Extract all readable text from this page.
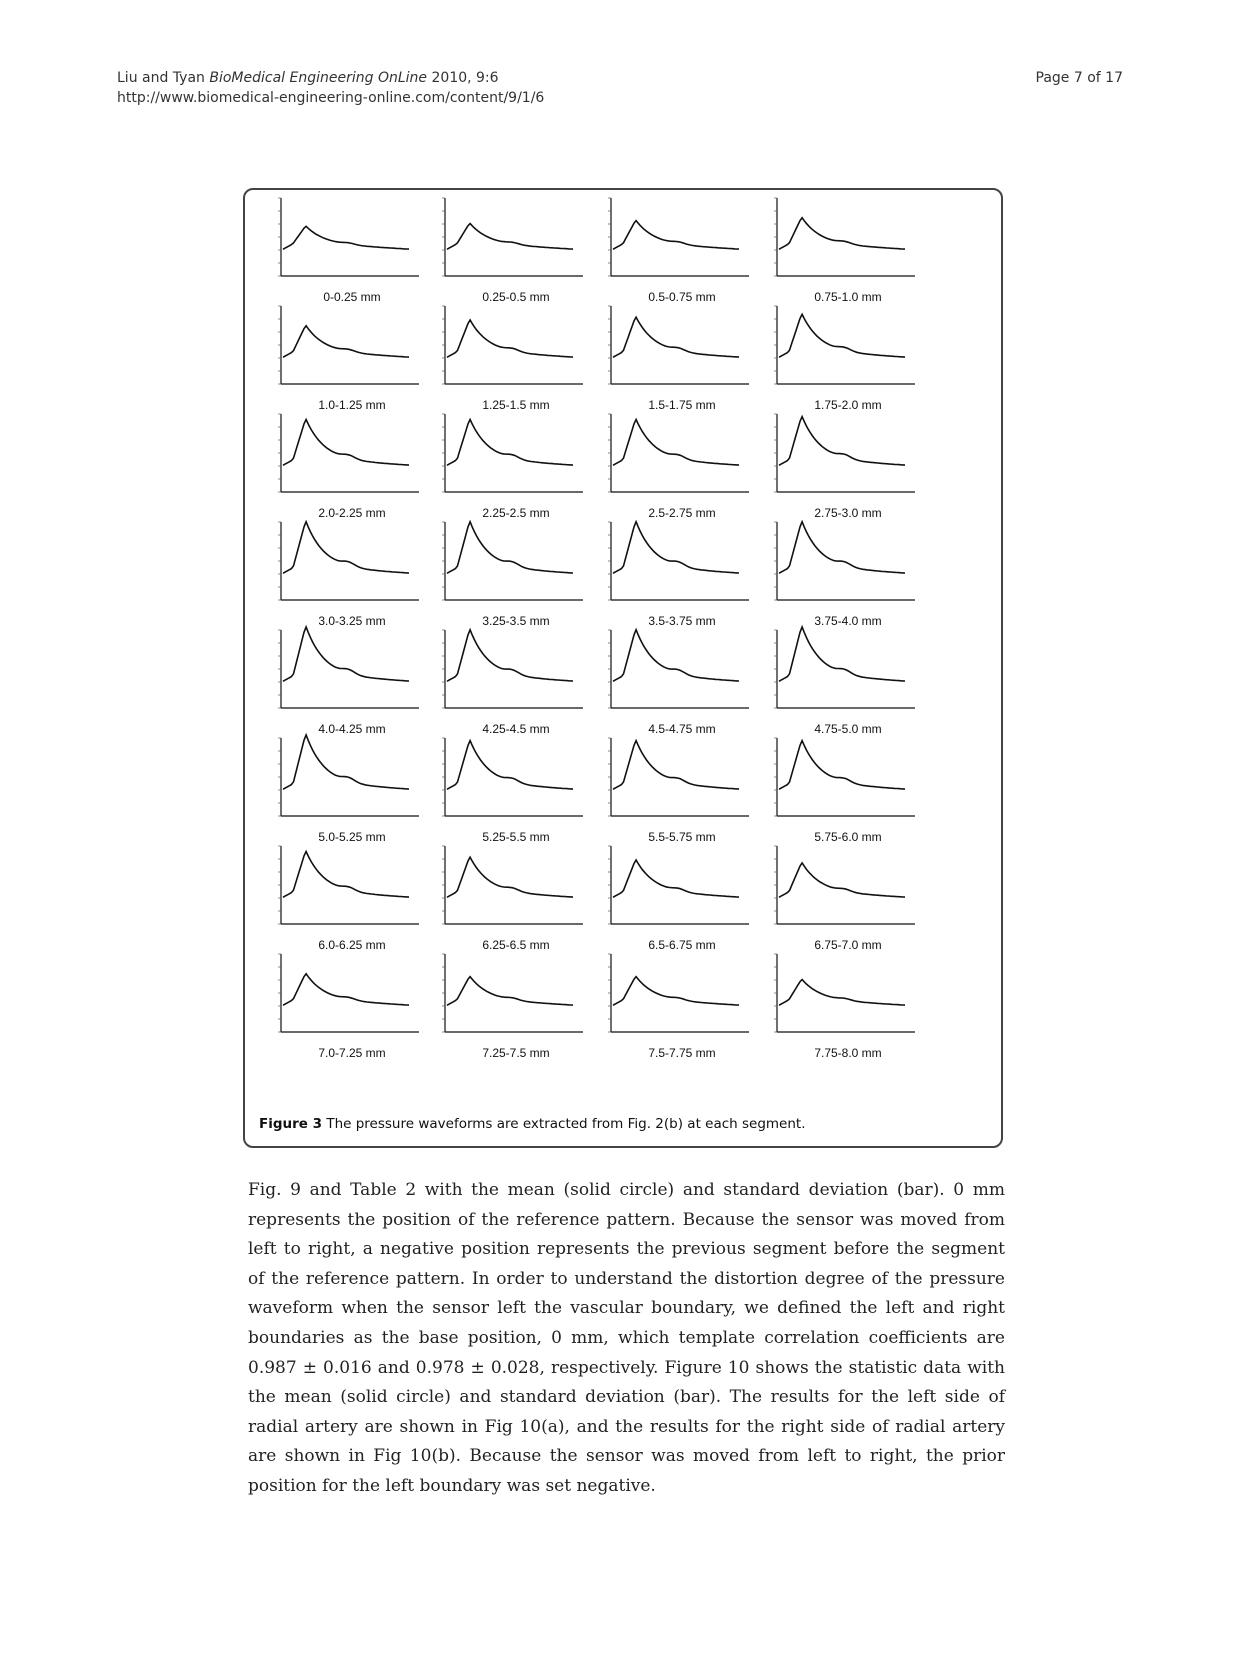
Liu and Tyan BioMedical Engineering OnLine 2010, 9:6
http://www.biomedical-engineering-online.com/content/9/1/6
Page 7 of 17
0-0.25 mm	0.25-0.5 mm	0.5-0.75 mm	0.75-1.0 mm
1.0-1.25 mm	1.25-1.5 mm	1.5-1.75 mm	1.75-2.0 mm
2.0-2.25 mm	2.25-2.5 mm	2.5-2.75 mm	2.75-3.0 mm
3.0-3.25 mm	3.25-3.5 mm	3.5-3.75 mm	3.75-4.0 mm
4.0-4.25 mm	4.25-4.5 mm	4.5-4.75 mm	4.75-5.0 mm
5.0-5.25 mm	5.25-5.5 mm	5.5-5.75 mm	5.75-6.0 mm
6.0-6.25 mm	6.25-6.5 mm	6.5-6.75 mm	6.75-7.0 mm
7.0-7.25 mm	7.25-7.5 mm	7.5-7.75 mm	7.75-8.0 mm
Figure 3 The pressure waveforms are extracted from Fig. 2(b) at each segment.
Fig. 9 and Table 2 with the mean (solid circle) and standard deviation (bar). 0 mm represents the position of the reference pattern. Because the sensor was moved from left to right, a negative position represents the previous segment before the segment of the reference pattern. In order to understand the distortion degree of the pressure waveform when the sensor left the vascular boundary, we defined the left and right boundaries as the base position, 0 mm, which template correlation coefficients are 0.987 ± 0.016 and 0.978 ± 0.028, respectively. Figure 10 shows the statistic data with the mean (solid circle) and standard deviation (bar). The results for the left side of radial artery are shown in Fig 10(a), and the results for the right side of radial artery are shown in Fig 10(b). Because the sensor was moved from left to right, the prior position for the left boundary was set negative.
